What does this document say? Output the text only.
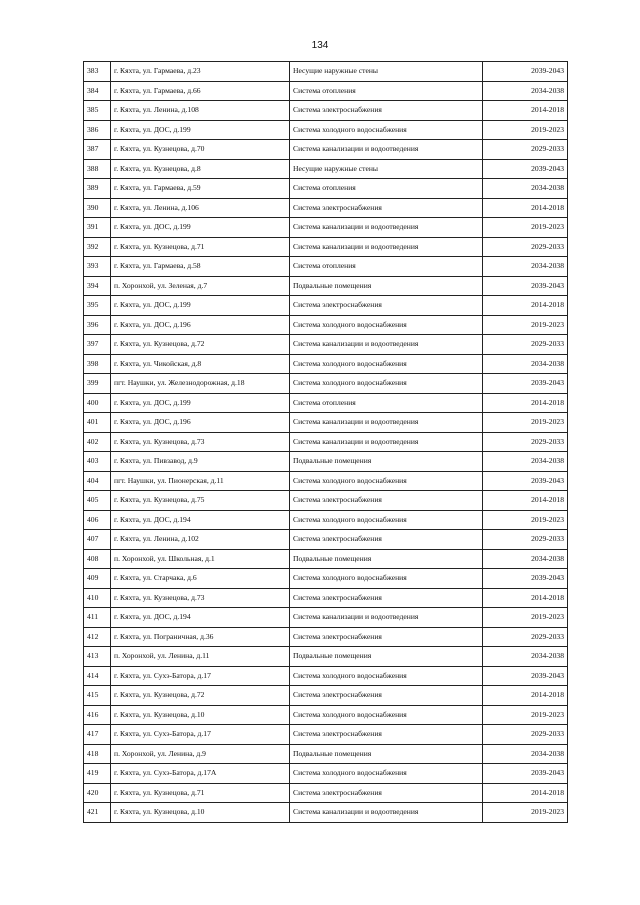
134
383	г. Кяхта, ул. Гармаева, д.23	Несущие наружные стены	2039-2043
384	г. Кяхта, ул. Гармаева, д.66	Система отопления	2034-2038
385	г. Кяхта, ул. Ленина, д.108	Система электроснабжения	2014-2018
386	г. Кяхта, ул. ДОС, д.199	Система холодного водоснабжения	2019-2023
387	г. Кяхта, ул. Кузнецова, д.70	Система канализации и водоотведения	2029-2033
388	г. Кяхта, ул. Кузнецова, д.8	Несущие наружные стены	2039-2043
389	г. Кяхта, ул. Гармаева, д.59	Система отопления	2034-2038
390	г. Кяхта, ул. Ленина, д.106	Система электроснабжения	2014-2018
391	г. Кяхта, ул. ДОС, д.199	Система канализации и водоотведения	2019-2023
392	г. Кяхта, ул. Кузнецова, д.71	Система канализации и водоотведения	2029-2033
393	г. Кяхта, ул. Гармаева, д.58	Система отопления	2034-2038
394	п. Хоронхой, ул. Зеленая, д.7	Подвальные помещения	2039-2043
395	г. Кяхта, ул. ДОС, д.199	Система электроснабжения	2014-2018
396	г. Кяхта, ул. ДОС, д.196	Система холодного водоснабжения	2019-2023
397	г. Кяхта, ул. Кузнецова, д.72	Система канализации и водоотведения	2029-2033
398	г. Кяхта, ул. Чикойская, д.8	Система холодного водоснабжения	2034-2038
399	пгт. Наушки, ул. Железнодорожная, д.18	Система холодного водоснабжения	2039-2043
400	г. Кяхта, ул. ДОС, д.199	Система отопления	2014-2018
401	г. Кяхта, ул. ДОС, д.196	Система канализации и водоотведения	2019-2023
402	г. Кяхта, ул. Кузнецова, д.73	Система канализации и водоотведения	2029-2033
403	г. Кяхта, ул. Пивзавод, д.9	Подвальные помещения	2034-2038
404	пгт. Наушки, ул. Пионерская, д.11	Система холодного водоснабжения	2039-2043
405	г. Кяхта, ул. Кузнецова, д.75	Система электроснабжения	2014-2018
406	г. Кяхта, ул. ДОС, д.194	Система холодного водоснабжения	2019-2023
407	г. Кяхта, ул. Ленина, д.102	Система электроснабжения	2029-2033
408	п. Хоронхой, ул. Школьная, д.1	Подвальные помещения	2034-2038
409	г. Кяхта, ул. Старчака, д.6	Система холодного водоснабжения	2039-2043
410	г. Кяхта, ул. Кузнецова, д.73	Система электроснабжения	2014-2018
411	г. Кяхта, ул. ДОС, д.194	Система канализации и водоотведения	2019-2023
412	г. Кяхта, ул. Пограничная, д.36	Система электроснабжения	2029-2033
413	п. Хоронхой, ул. Ленина, д.11	Подвальные помещения	2034-2038
414	г. Кяхта, ул. Сухэ-Батора, д.17	Система холодного водоснабжения	2039-2043
415	г. Кяхта, ул. Кузнецова, д.72	Система электроснабжения	2014-2018
416	г. Кяхта, ул. Кузнецова, д.10	Система холодного водоснабжения	2019-2023
417	г. Кяхта, ул. Сухэ-Батора, д.17	Система электроснабжения	2029-2033
418	п. Хоронхой, ул. Ленина, д.9	Подвальные помещения	2034-2038
419	г. Кяхта, ул. Сухэ-Батора, д.17А	Система холодного водоснабжения	2039-2043
420	г. Кяхта, ул. Кузнецова, д.71	Система электроснабжения	2014-2018
421	г. Кяхта, ул. Кузнецова, д.10	Система канализации и водоотведения	2019-2023
